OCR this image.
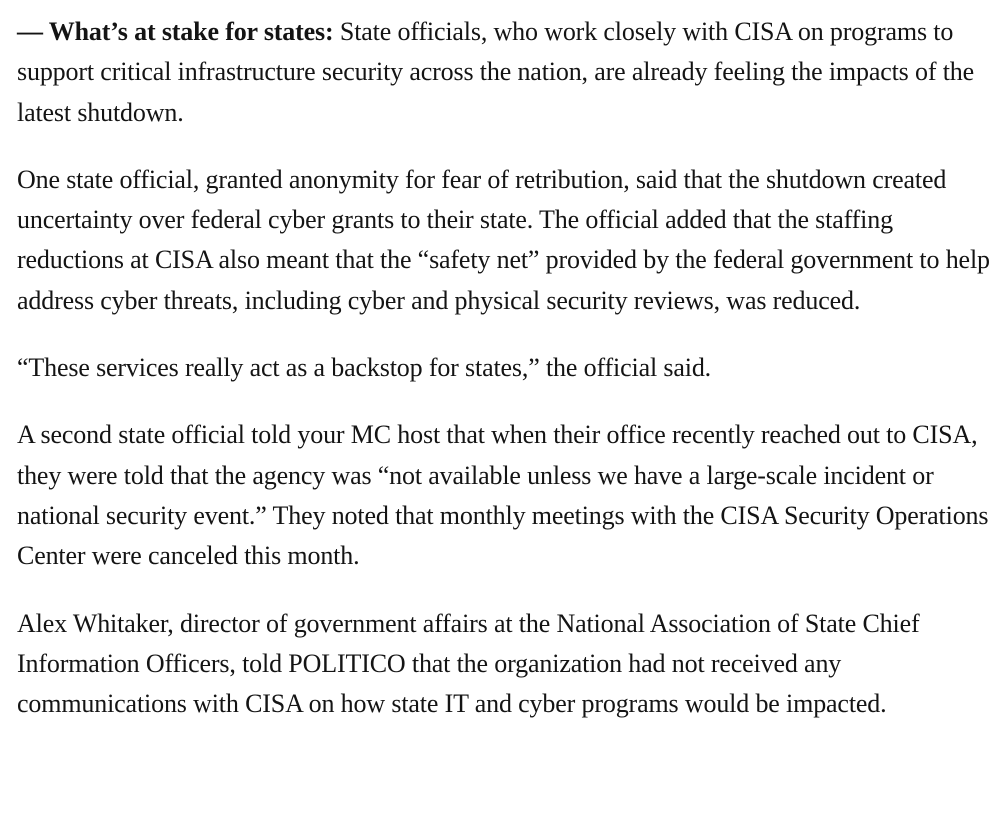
— What’s at stake for states: State officials, who work closely with CISA on programs to support critical infrastructure security across the nation, are already feeling the impacts of the latest shutdown.

One state official, granted anonymity for fear of retribution, said that the shutdown created uncertainty over federal cyber grants to their state. The official added that the staffing reductions at CISA also meant that the “safety net” provided by the federal government to help address cyber threats, including cyber and physical security reviews, was reduced.

“These services really act as a backstop for states,” the official said.

A second state official told your MC host that when their office recently reached out to CISA, they were told that the agency was “not available unless we have a large-scale incident or national security event.” They noted that monthly meetings with the CISA Security Operations Center were canceled this month.

Alex Whitaker, director of government affairs at the National Association of State Chief Information Officers, told POLITICO that the organization had not received any communications with CISA on how state IT and cyber programs would be impacted.
